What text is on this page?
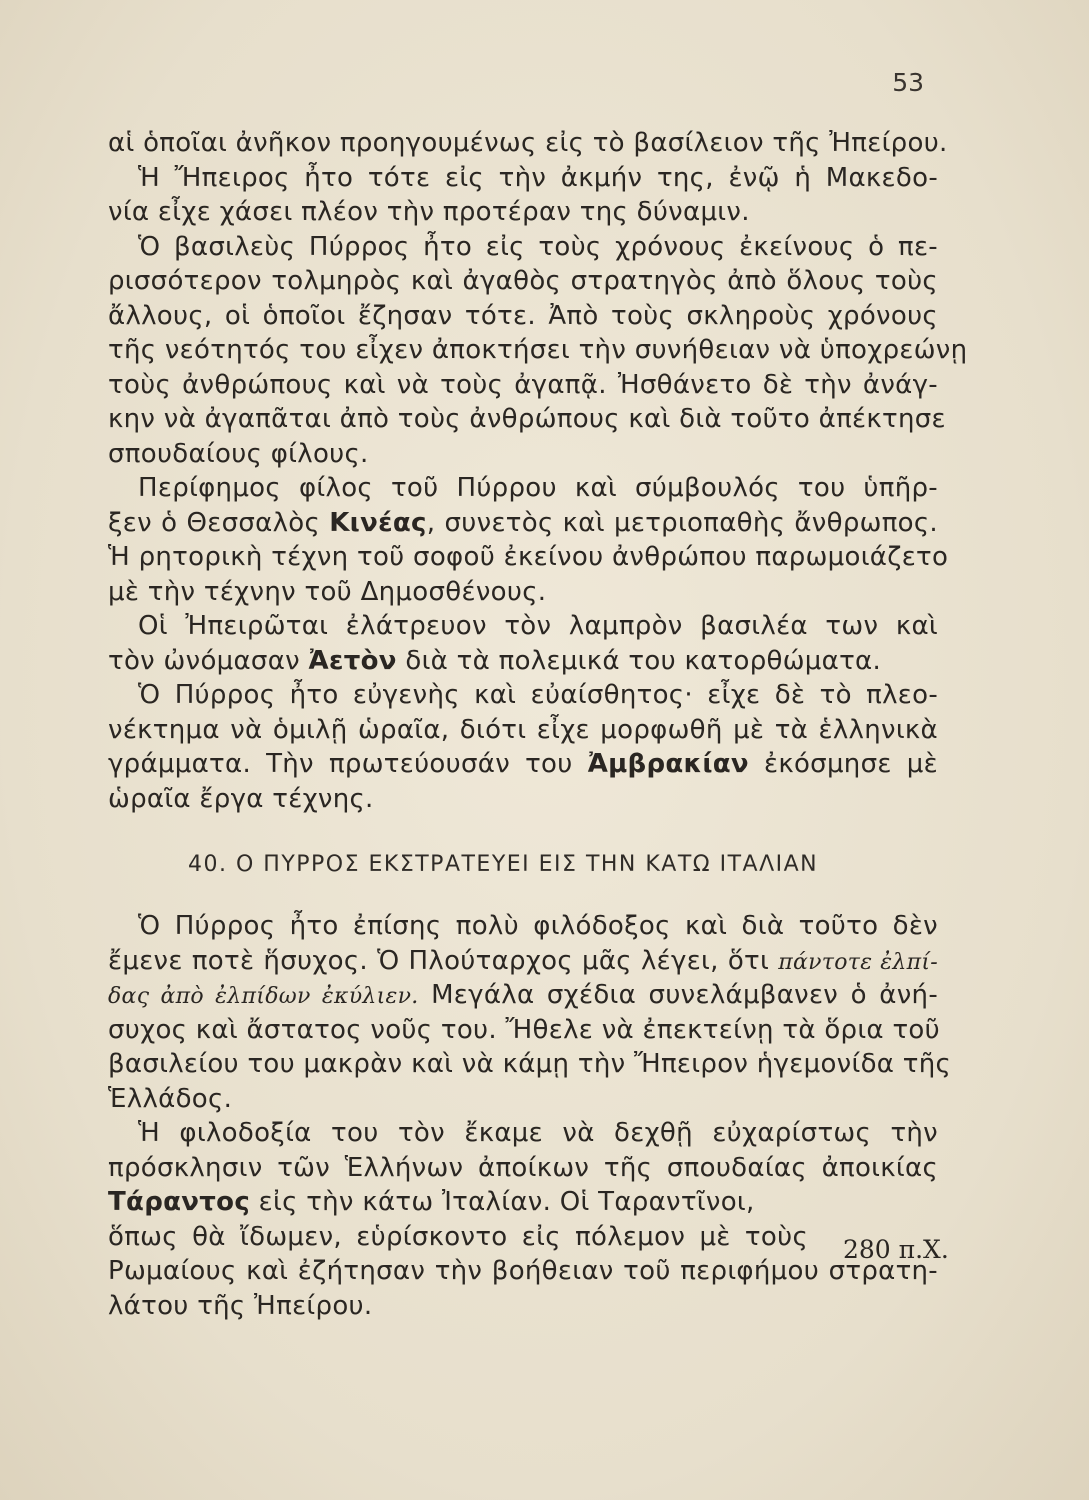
53
αἱ ὁποῖαι ἀνῆκον προηγουμένως εἰς τὸ βασίλειον τῆς Ἠπείρου.
Ἡ Ἤπειρος ἦτο τότε εἰς τὴν ἀκμήν της, ἐνῷ ἡ Μακεδο-
νία εἶχε χάσει πλέον τὴν προτέραν της δύναμιν.
Ὁ βασιλεὺς Πύρρος ἦτο εἰς τοὺς χρόνους ἐκείνους ὁ πε-
ρισσότερον τολμηρὸς καὶ ἀγαθὸς στρατηγὸς ἀπὸ ὅλους τοὺς
ἄλλους, οἱ ὁποῖοι ἔζησαν τότε. Ἀπὸ τοὺς σκληροὺς χρόνους
τῆς νεότητός του εἶχεν ἀποκτήσει τὴν συνήθειαν νὰ ὑποχρεώνῃ
τοὺς ἀνθρώπους καὶ νὰ τοὺς ἀγαπᾷ. Ἠσθάνετο δὲ τὴν ἀνάγ-
κην νὰ ἀγαπᾶται ἀπὸ τοὺς ἀνθρώπους καὶ διὰ τοῦτο ἀπέκτησε
σπουδαίους φίλους.
Περίφημος φίλος τοῦ Πύρρου καὶ σύμβουλός του ὑπῆρ-
ξεν ὁ Θεσσαλὸς Κινέας, συνετὸς καὶ μετριοπαθὴς ἄνθρωπος.
Ἡ ρητορικὴ τέχνη τοῦ σοφοῦ ἐκείνου ἀνθρώπου παρωμοιάζετο
μὲ τὴν τέχνην τοῦ Δημοσθένους.
Οἱ Ἠπειρῶται ἐλάτρευον τὸν λαμπρὸν βασιλέα των καὶ
τὸν ὠνόμασαν Ἀετὸν διὰ τὰ πολεμικά του κατορθώματα.
Ὁ Πύρρος ἦτο εὐγενὴς καὶ εὐαίσθητος· εἶχε δὲ τὸ πλεο-
νέκτημα νὰ ὁμιλῇ ὡραῖα, διότι εἶχε μορφωθῆ μὲ τὰ ἑλληνικὰ
γράμματα. Τὴν πρωτεύουσάν του Ἀμβρακίαν ἐκόσμησε μὲ
ὡραῖα ἔργα τέχνης.
40. Ο ΠΥΡΡΟΣ ΕΚΣΤΡΑΤΕΥΕΙ ΕΙΣ ΤΗΝ ΚΑΤΩ ΙΤΑΛΙΑΝ
Ὁ Πύρρος ἦτο ἐπίσης πολὺ φιλόδοξος καὶ διὰ τοῦτο δὲν
ἔμενε ποτὲ ἥσυχος. Ὁ Πλούταρχος μᾶς λέγει, ὅτι πάντοτε ἐλπί-
δας ἀπὸ ἐλπίδων ἐκύλιεν. Μεγάλα σχέδια συνελάμβανεν ὁ ἀνή-
συχος καὶ ἄστατος νοῦς του. Ἤθελε νὰ ἐπεκτείνῃ τὰ ὅρια τοῦ
βασιλείου του μακρὰν καὶ νὰ κάμῃ τὴν Ἤπειρον ἡγεμονίδα τῆς
Ἑλλάδος.
Ἡ φιλοδοξία του τὸν ἔκαμε νὰ δεχθῇ εὐχαρίστως τὴν
πρόσκλησιν τῶν Ἑλλήνων ἀποίκων τῆς σπουδαίας ἀποικίας
Τάραντος εἰς τὴν κάτω Ἰταλίαν. Οἱ Ταραντῖνοι,
ὅπως θὰ ἴδωμεν, εὑρίσκοντο εἰς πόλεμον μὲ τοὺς
Ρωμαίους καὶ ἐζήτησαν τὴν βοήθειαν τοῦ περιφήμου στρατη-
λάτου τῆς Ἠπείρου.
280 π.Χ.
